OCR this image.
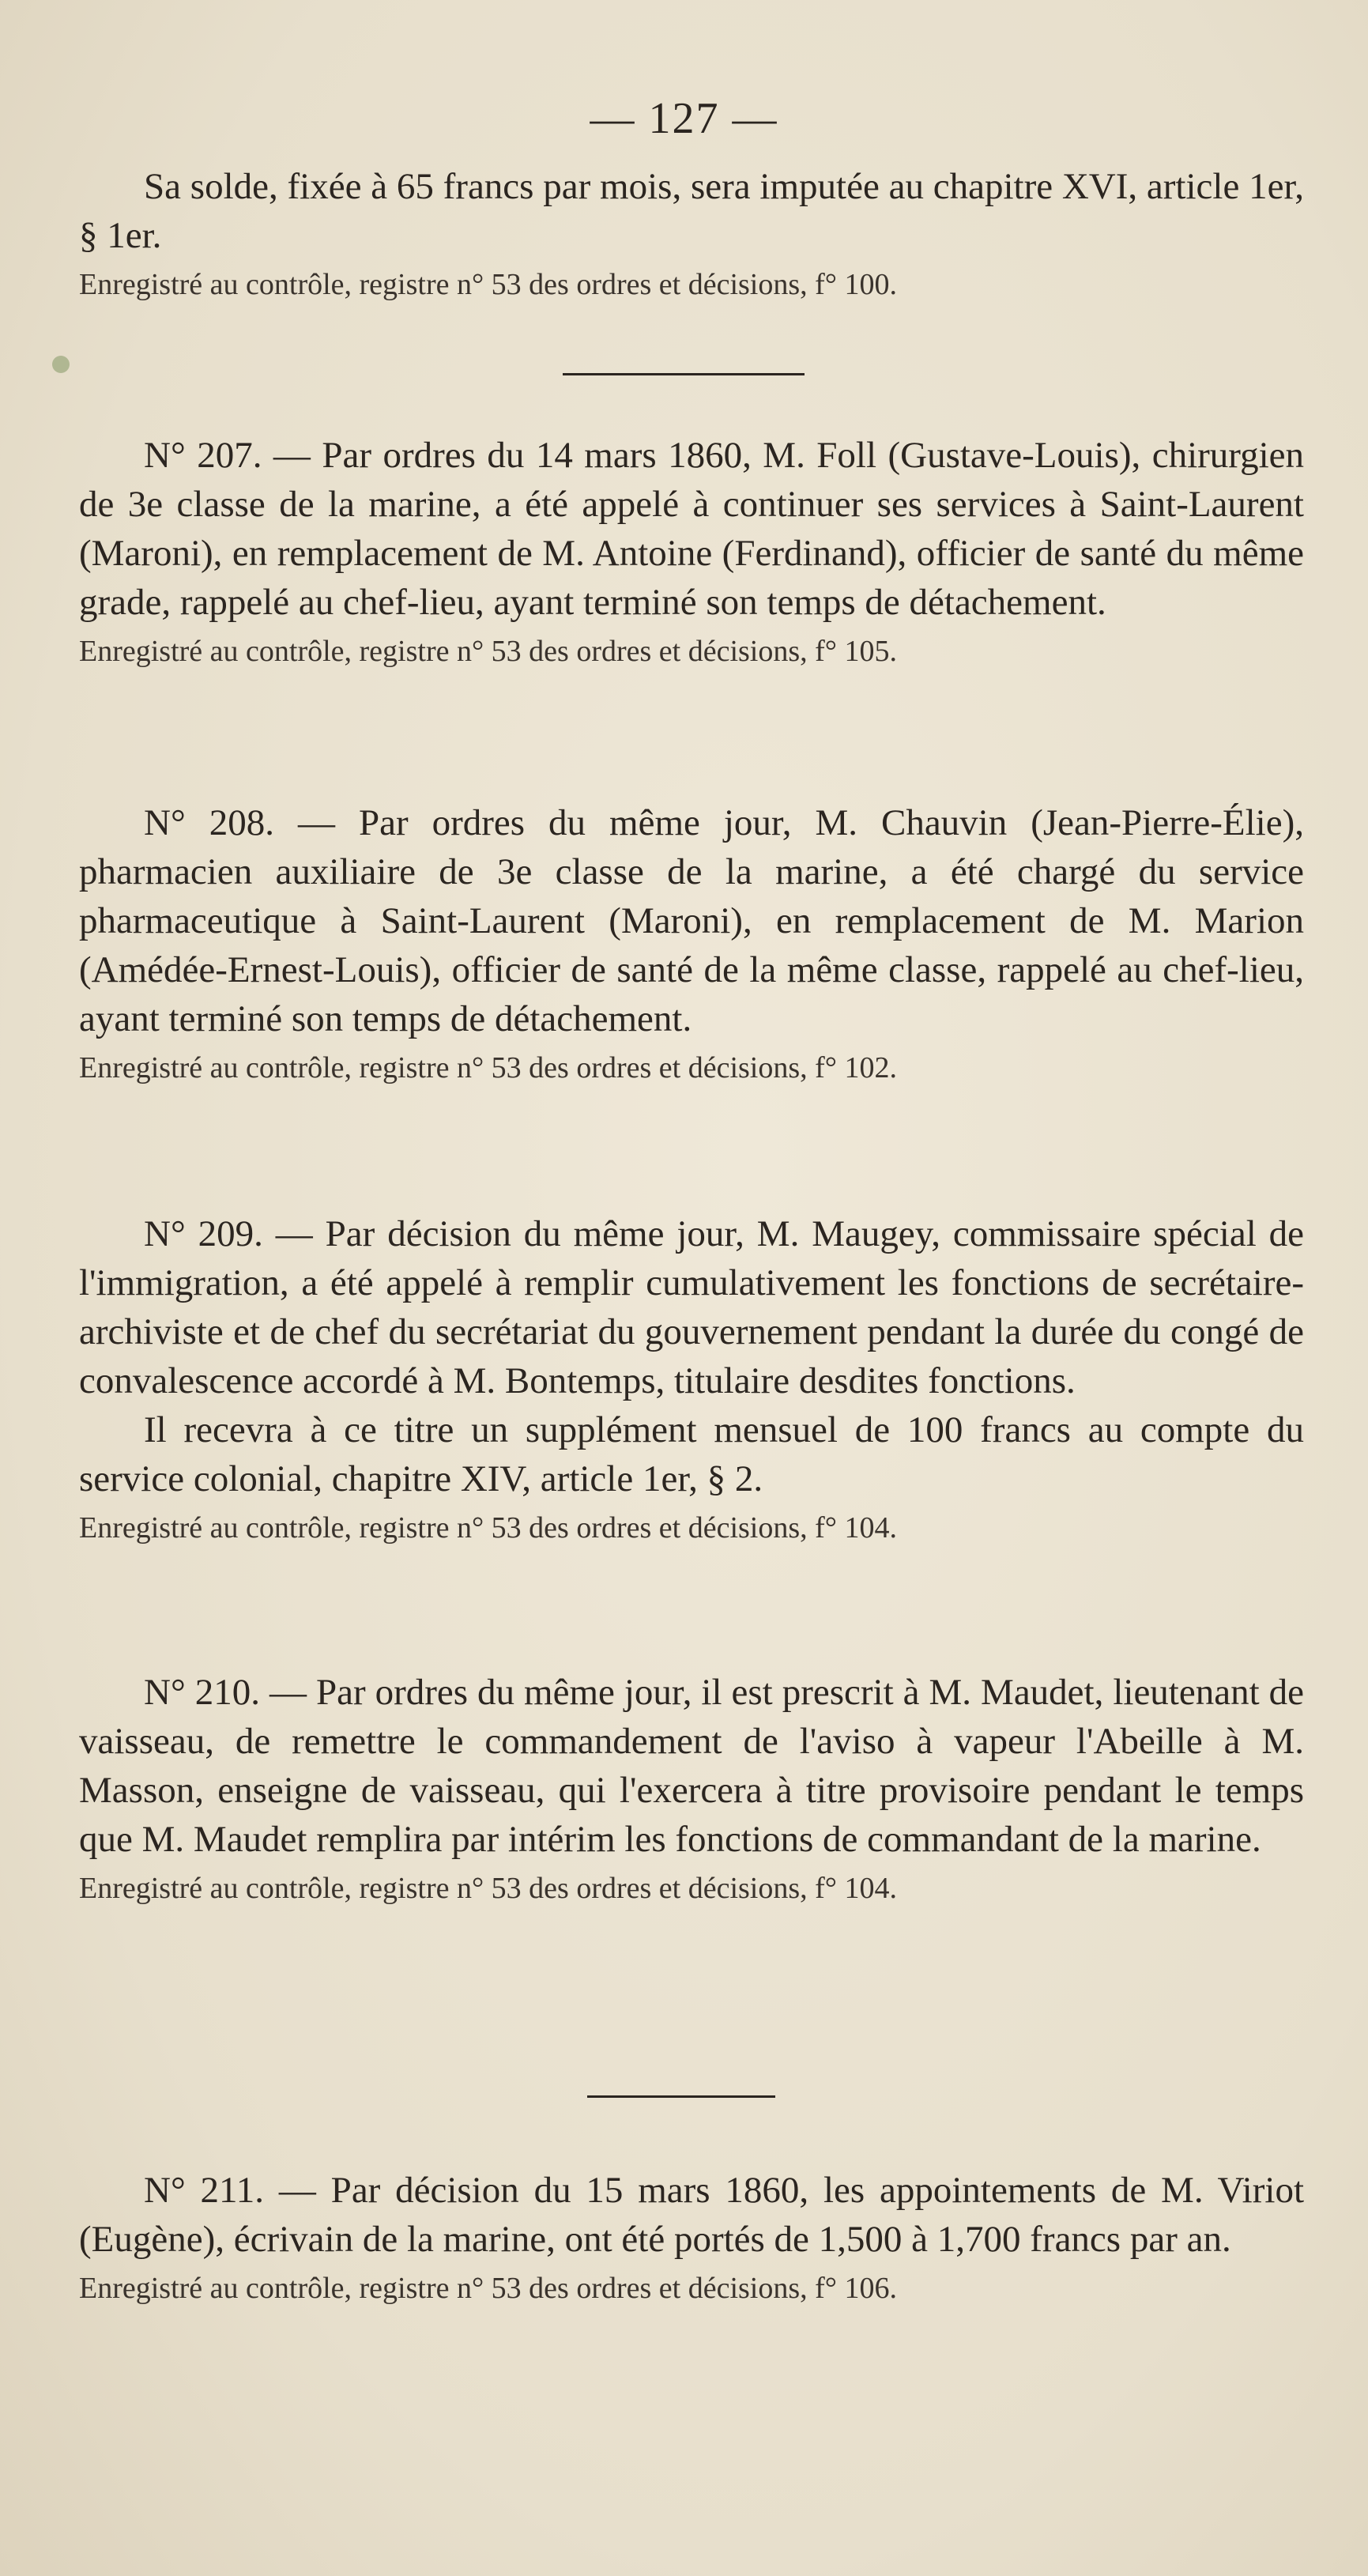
— 127 —

Sa solde, fixée à 65 francs par mois, sera imputée au chapitre XVI, article 1er, § 1er.

Enregistré au contrôle, registre n° 53 des ordres et décisions, f° 100.

N° 207. — Par ordres du 14 mars 1860, M. Foll (Gustave-Louis), chirurgien de 3e classe de la marine, a été appelé à continuer ses services à Saint-Laurent (Maroni), en remplacement de M. Antoine (Ferdinand), officier de santé du même grade, rappelé au chef-lieu, ayant terminé son temps de détachement.

Enregistré au contrôle, registre n° 53 des ordres et décisions, f° 105.

N° 208. — Par ordres du même jour, M. Chauvin (Jean-Pierre-Élie), pharmacien auxiliaire de 3e classe de la marine, a été chargé du service pharmaceutique à Saint-Laurent (Maroni), en remplacement de M. Marion (Amédée-Ernest-Louis), officier de santé de la même classe, rappelé au chef-lieu, ayant terminé son temps de détachement.

Enregistré au contrôle, registre n° 53 des ordres et décisions, f° 102.

N° 209. — Par décision du même jour, M. Maugey, commissaire spécial de l'immigration, a été appelé à remplir cumulativement les fonctions de secrétaire-archiviste et de chef du secrétariat du gouvernement pendant la durée du congé de convalescence accordé à M. Bontemps, titulaire desdites fonctions.

Il recevra à ce titre un supplément mensuel de 100 francs au compte du service colonial, chapitre XIV, article 1er, § 2.

Enregistré au contrôle, registre n° 53 des ordres et décisions, f° 104.

N° 210. — Par ordres du même jour, il est prescrit à M. Maudet, lieutenant de vaisseau, de remettre le commandement de l'aviso à vapeur l'Abeille à M. Masson, enseigne de vaisseau, qui l'exercera à titre provisoire pendant le temps que M. Maudet remplira par intérim les fonctions de commandant de la marine.

Enregistré au contrôle, registre n° 53 des ordres et décisions, f° 104.

N° 211. — Par décision du 15 mars 1860, les appointements de M. Viriot (Eugène), écrivain de la marine, ont été portés de 1,500 à 1,700 francs par an.

Enregistré au contrôle, registre n° 53 des ordres et décisions, f° 106.
